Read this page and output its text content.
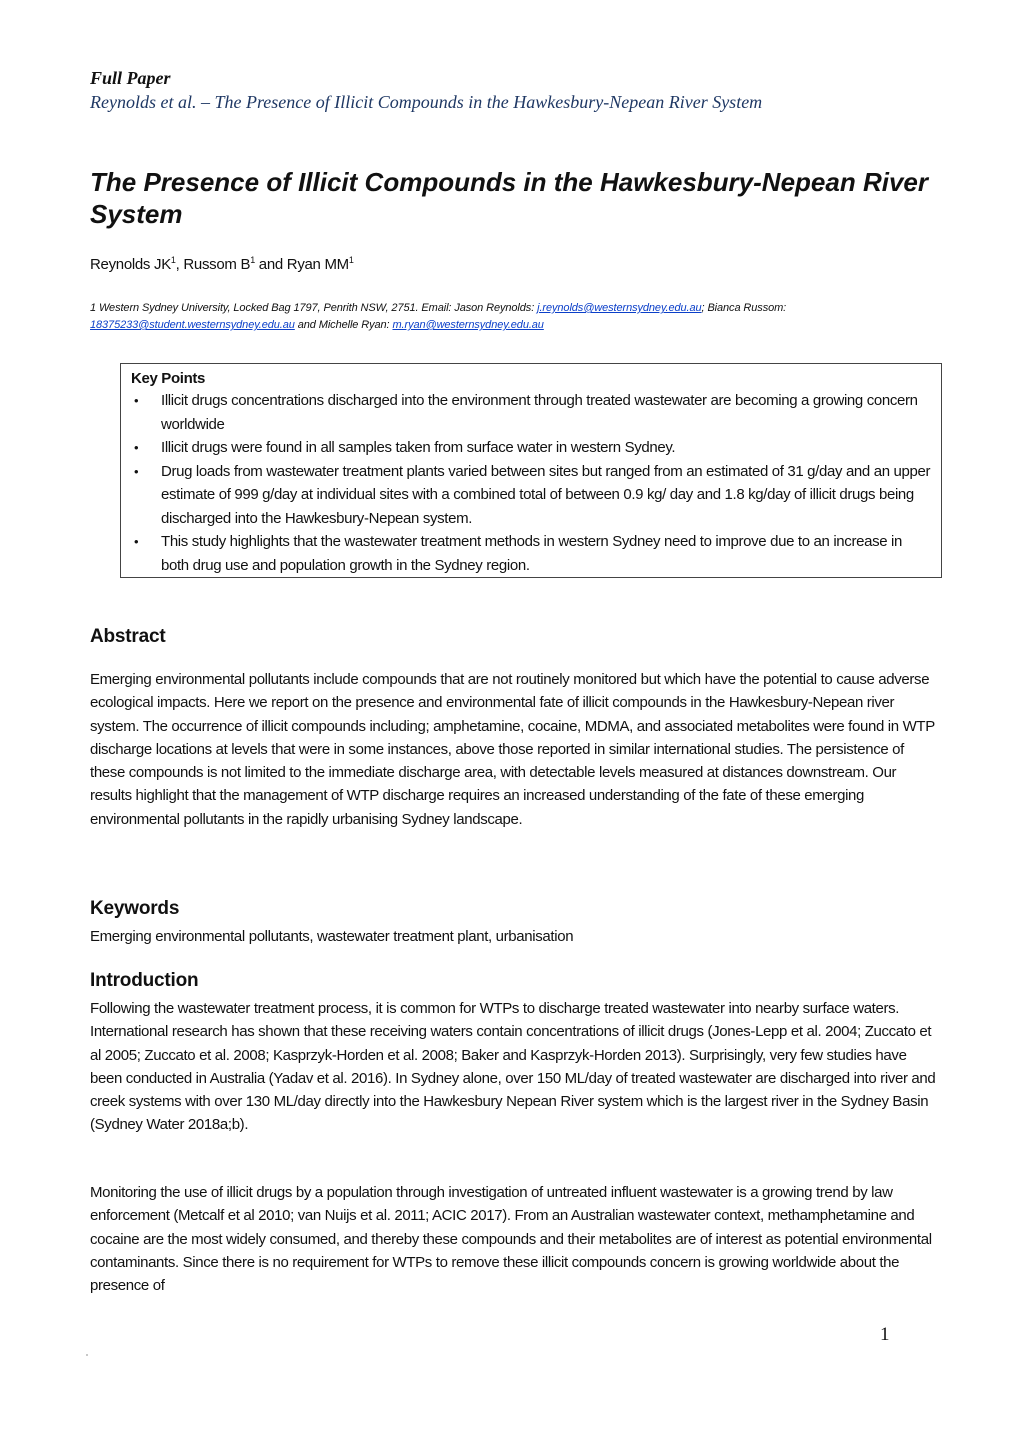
Full Paper
Reynolds et al. – The Presence of Illicit Compounds in the Hawkesbury-Nepean River System
The Presence of Illicit Compounds in the Hawkesbury-Nepean River System
Reynolds $JK^1$, Russom $B^1$ and Ryan $MM^1$
1 Western Sydney University, Locked Bag 1797, Penrith NSW, 2751. Email: Jason Reynolds: j.reynolds@westernsydney.edu.au; Bianca Russom: 18375233@student.westernsydney.edu.au and Michelle Ryan: m.ryan@westernsydney.edu.au
Key Points
• Illicit drugs concentrations discharged into the environment through treated wastewater are becoming a growing concern worldwide
• Illicit drugs were found in all samples taken from surface water in western Sydney.
• Drug loads from wastewater treatment plants varied between sites but ranged from an estimated of 31 g/day and an upper estimate of 999 g/day at individual sites with a combined total of between 0.9 kg/ day and 1.8 kg/day of illicit drugs being discharged into the Hawkesbury-Nepean system.
• This study highlights that the wastewater treatment methods in western Sydney need to improve due to an increase in both drug use and population growth in the Sydney region.
Abstract

Emerging environmental pollutants include compounds that are not routinely monitored but which have the potential to cause adverse ecological impacts. Here we report on the presence and environmental fate of illicit compounds in the Hawkesbury-Nepean river system. The occurrence of illicit compounds including; amphetamine, cocaine, MDMA, and associated metabolites were found in WTP discharge locations at levels that were in some instances, above those reported in similar international studies. The persistence of these compounds is not limited to the immediate discharge area, with detectable levels measured at distances downstream. Our results highlight that the management of WTP discharge requires an increased understanding of the fate of these emerging environmental pollutants in the rapidly urbanising Sydney landscape.

Keywords

Emerging environmental pollutants, wastewater treatment plant, urbanisation

Introduction

Following the wastewater treatment process, it is common for WTPs to discharge treated wastewater into nearby surface waters. International research has shown that these receiving waters contain concentrations of illicit drugs (Jones-Lepp et al. 2004; Zuccato et al 2005; Zuccato et al. 2008; Kasprzyk-Horden et al. 2008; Baker and Kasprzyk-Horden 2013). Surprisingly, very few studies have been conducted in Australia (Yadav et al. 2016). In Sydney alone, over 150 ML/day of treated wastewater are discharged into river and creek systems with over 130 ML/day directly into the Hawkesbury Nepean River system which is the largest river in the Sydney Basin (Sydney Water 2018a;b).

Monitoring the use of illicit drugs by a population through investigation of untreated influent wastewater is a growing trend by law enforcement (Metcalf et al 2010; van Nuijs et al. 2011; ACIC 2017). From an Australian wastewater context, methamphetamine and cocaine are the most widely consumed, and thereby these compounds and their metabolites are of interest as potential environmental contaminants. Since there is no requirement for WTPs to remove these illicit compounds concern is growing worldwide about the presence of

1
